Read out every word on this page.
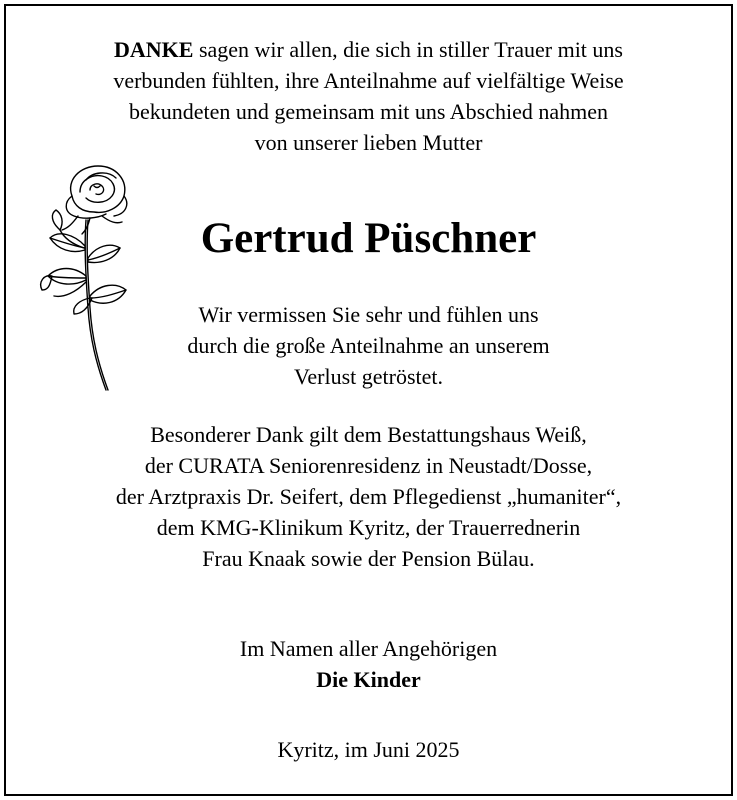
DANKE sagen wir allen, die sich in stiller Trauer mit uns
verbunden fühlten, ihre Anteilnahme auf vielfältige Weise
bekundeten und gemeinsam mit uns Abschied nahmen
von unserer lieben Mutter
Gertrud Püschner
Wir vermissen Sie sehr und fühlen uns
durch die große Anteilnahme an unserem
Verlust getröstet.
Besonderer Dank gilt dem Bestattungshaus Weiß,
der CURATA Seniorenresidenz in Neustadt/Dosse,
der Arztpraxis Dr. Seifert, dem Pflegedienst „humaniter“,
dem KMG-Klinikum Kyritz, der Trauerrednerin
Frau Knaak sowie der Pension Bülau.
Im Namen aller Angehörigen
Die Kinder
Kyritz, im Juni 2025
